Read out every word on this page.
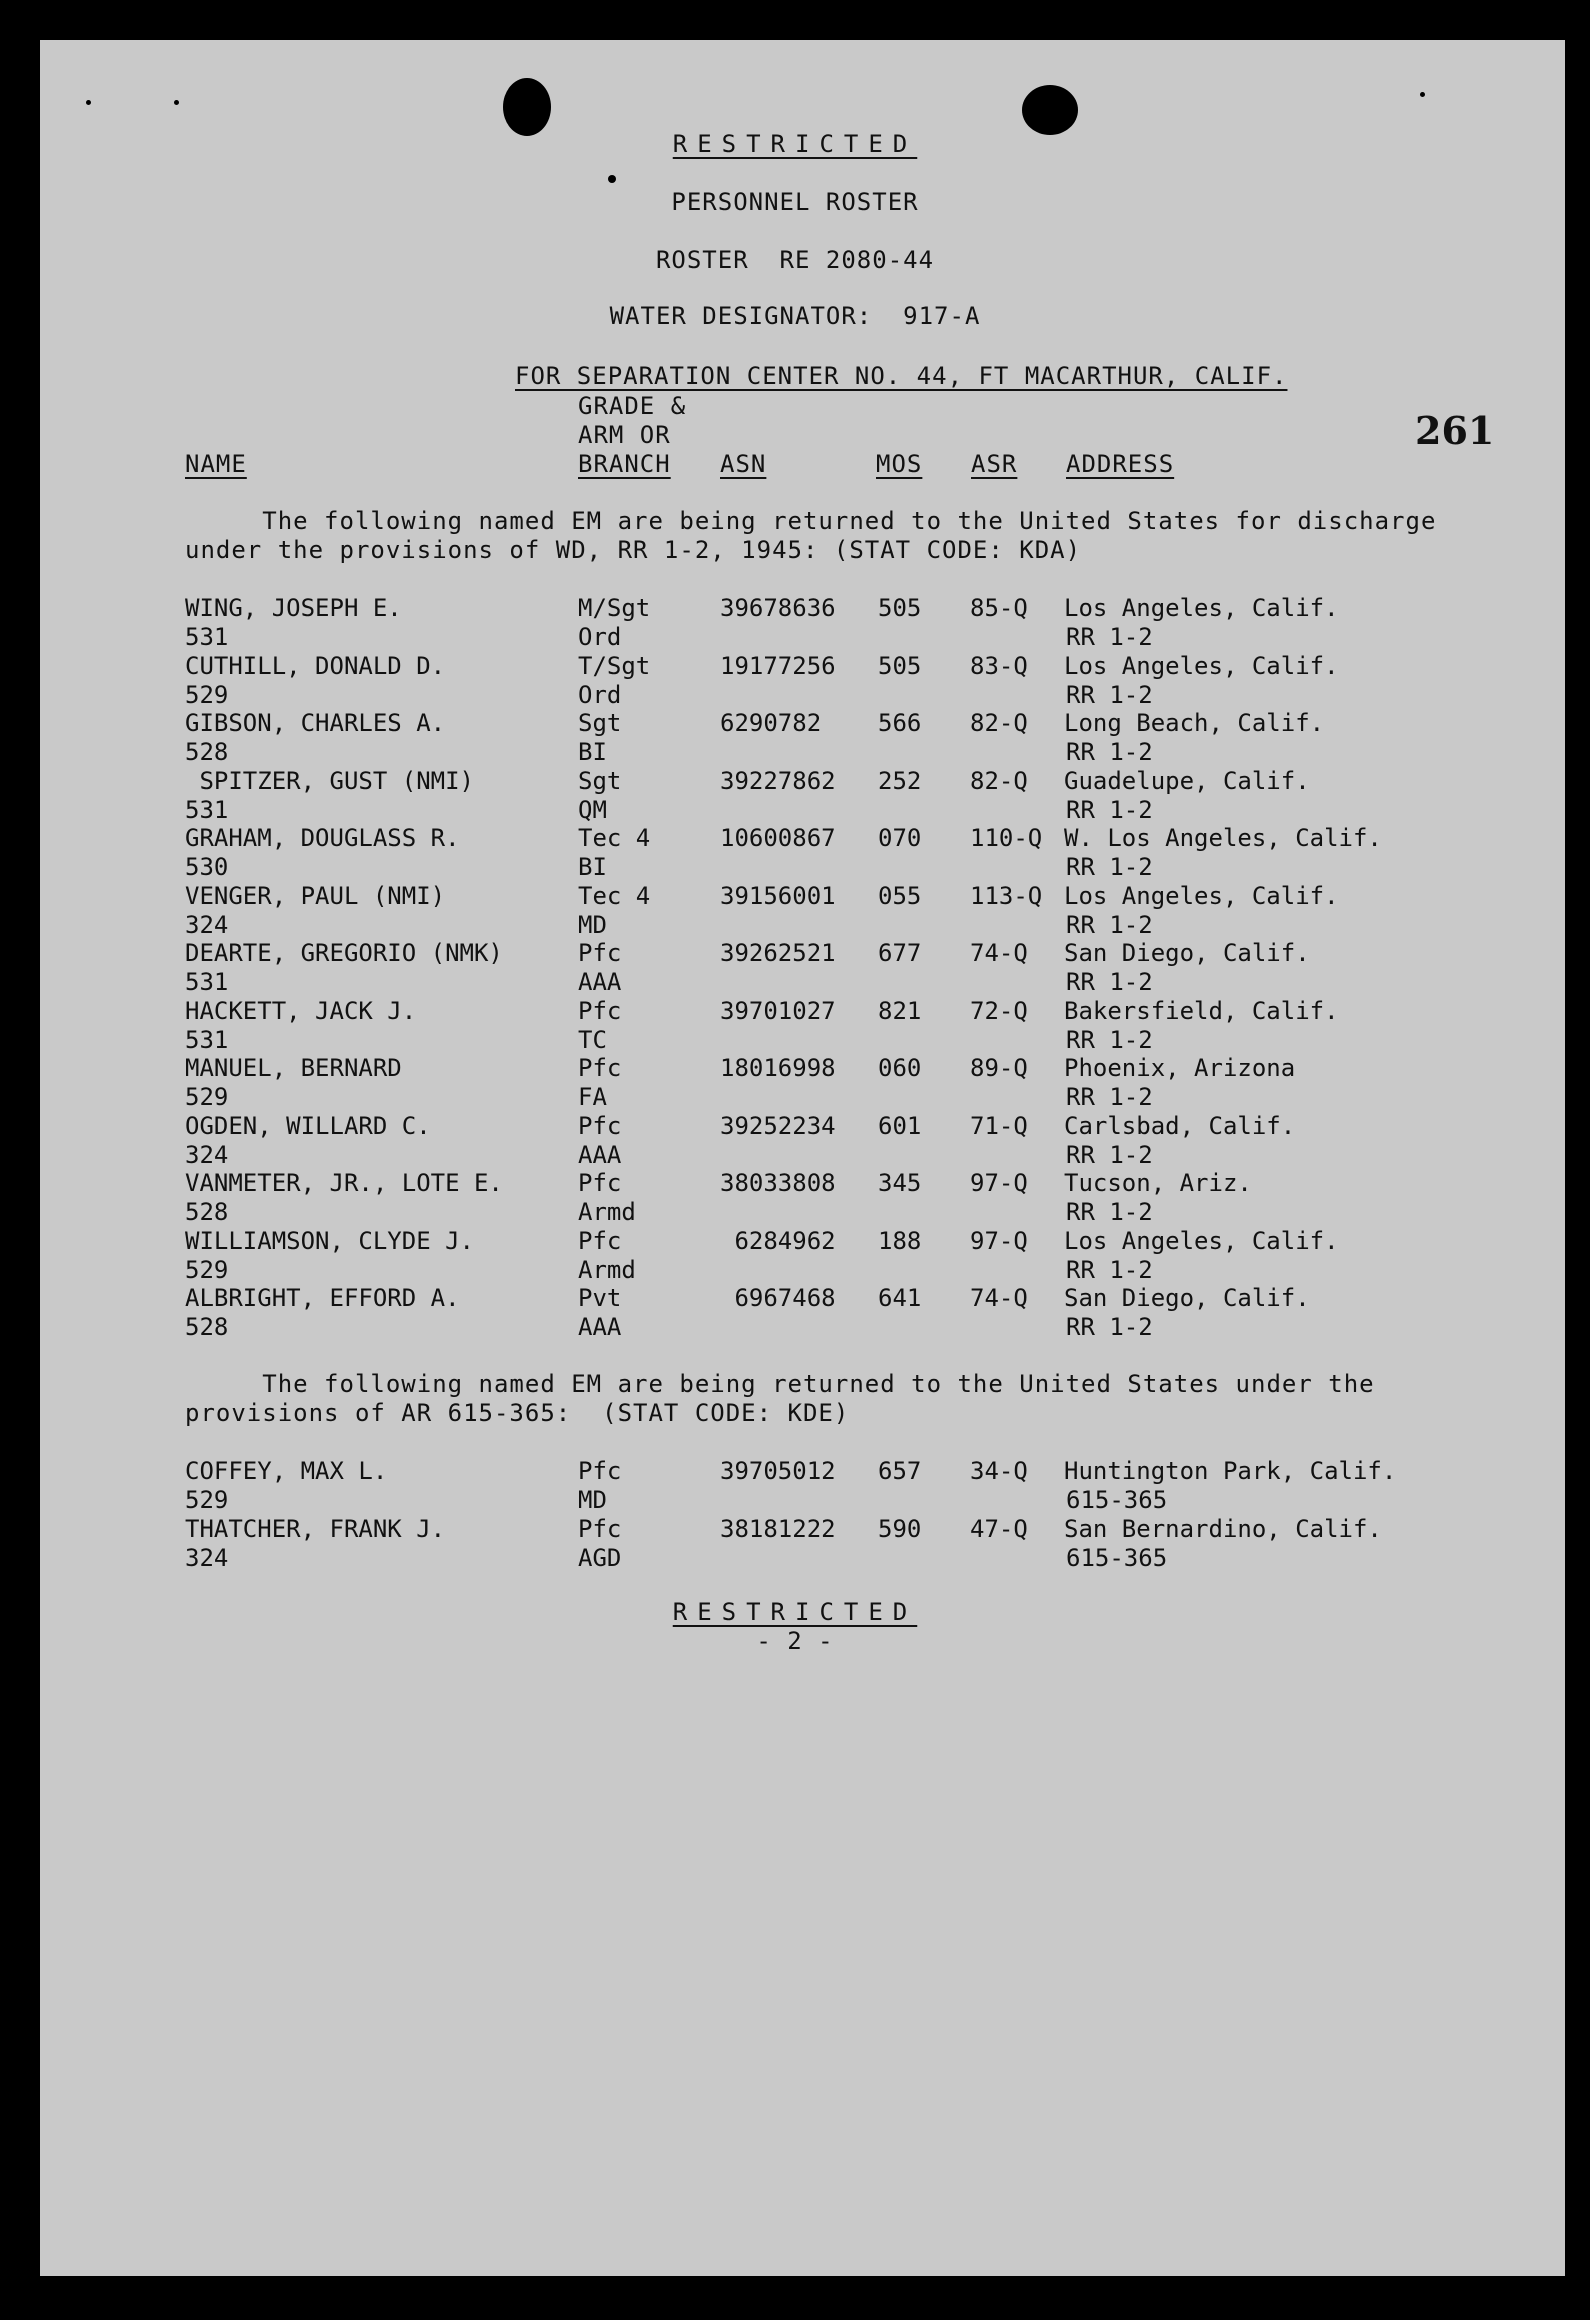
RESTRICTED
PERSONNEL ROSTER
ROSTER  RE 2080-44
WATER DESIGNATOR:  917-A
FOR SEPARATION CENTER NO. 44, FT MACARTHUR, CALIF.
261
GRADE &
ARM OR
BRANCH
NAME	ASN	MOS ASR ADDRESS
The following named EM are being returned to the United States for discharge
under the provisions of WD, RR 1-2, 1945: (STAT CODE: KDA)
WING, JOSEPH E.
531
M/Sgt
Ord
39678636 505 85-Q Los Angeles, Calif.
RR 1-2
CUTHILL, DONALD D.
529
T/Sgt
Ord
19177256 505 83-Q Los Angeles, Calif.
RR 1-2
GIBSON, CHARLES A.
528
Sgt
BI
6290782 566 82-Q Long Beach, Calif.
RR 1-2
SPITZER, GUST (NMI)
531
Sgt
QM
39227862 252 82-Q Guadelupe, Calif.
RR 1-2
GRAHAM, DOUGLASS R.
530
Tec 4
BI
10600867 070 110-Q W. Los Angeles, Calif.
RR 1-2
VENGER, PAUL (NMI)
324
Tec 4
MD
39156001 055 113-Q Los Angeles, Calif.
RR 1-2
DEARTE, GREGORIO (NMK)
531
Pfc
AAA
39262521 677 74-Q San Diego, Calif.
RR 1-2
HACKETT, JACK J.
531
Pfc
TC
39701027 821 72-Q Bakersfield, Calif.
RR 1-2
MANUEL, BERNARD
529
Pfc
FA
18016998 060 89-Q Phoenix, Arizona
RR 1-2
OGDEN, WILLARD C.
324
Pfc
AAA
39252234 601 71-Q Carlsbad, Calif.
RR 1-2
VANMETER, JR., LOTE E.
528
Pfc
Armd
38033808 345 97-Q Tucson, Ariz.
RR 1-2
WILLIAMSON, CLYDE J.
529
Pfc
Armd
6284962 188 97-Q Los Angeles, Calif.
RR 1-2
ALBRIGHT, EFFORD A.
528
Pvt
AAA
6967468 641 74-Q San Diego, Calif.
RR 1-2
The following named EM are being returned to the United States under the
provisions of AR 615-365:  (STAT CODE: KDE)
COFFEY, MAX L.
529
Pfc
MD
39705012 657 34-Q Huntington Park, Calif.
615-365
THATCHER, FRANK J.
324
Pfc
AGD
38181222 590 47-Q San Bernardino, Calif.
615-365
RESTRICTED
- 2 -
